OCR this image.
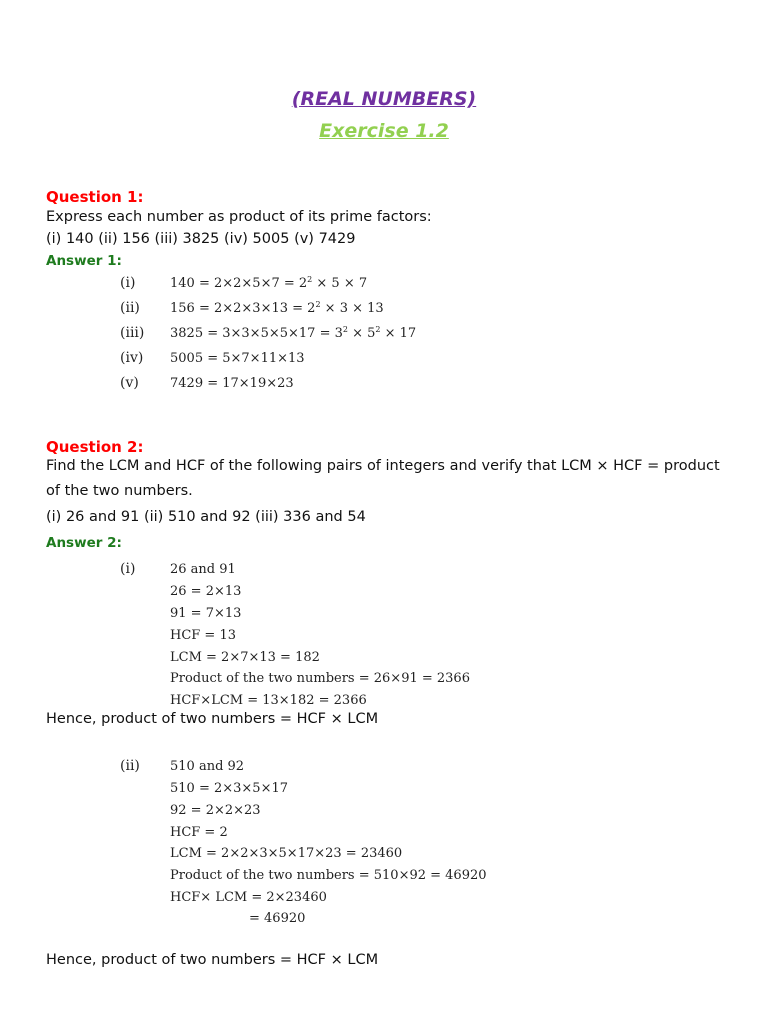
(REAL NUMBERS)
Exercise 1.2
Question 1:
Express each number as product of its prime factors:
(i) 140 (ii) 156 (iii) 3825 (iv) 5005 (v) 7429
Answer 1:
(i)	$140 = 2\times 2\times 5\times 7 = 2^2 \times 5 \times 7$
(ii) $156 = 2\times 2\times 3\times 13 = 2^2 \times 3 \times 13$
(iii) $3825 = 3\times 3\times 5\times 5\times 17 = 3^2 \times 5^2 \times 17$
(iv) 5005 = 5×7×11×13
(v) 7429 = 17×19×23
Question 2:
Find the LCM and HCF of the following pairs of integers and verify that LCM × HCF = product
of the two numbers.
(i) 26 and 91 (ii) 510 and 92 (iii) 336 and 54
Answer 2:
(i)	26 and 91
26 = 2×13
91 = 7×13
HCF = 13
LCM = 2×7×13 = 182
Product of the two numbers = 26×91 = 2366
HCF×LCM = 13×182 = 2366
Hence, product of two numbers = HCF × LCM
(ii) 510 and 92
510 = 2×3×5×17
92 = 2×2×23
HCF = 2
LCM = 2×2×3×5×17×23 = 23460
Product of the two numbers = 510×92 = 46920
HCF× LCM = 2×23460
= 46920
Hence, product of two numbers = HCF × LCM
